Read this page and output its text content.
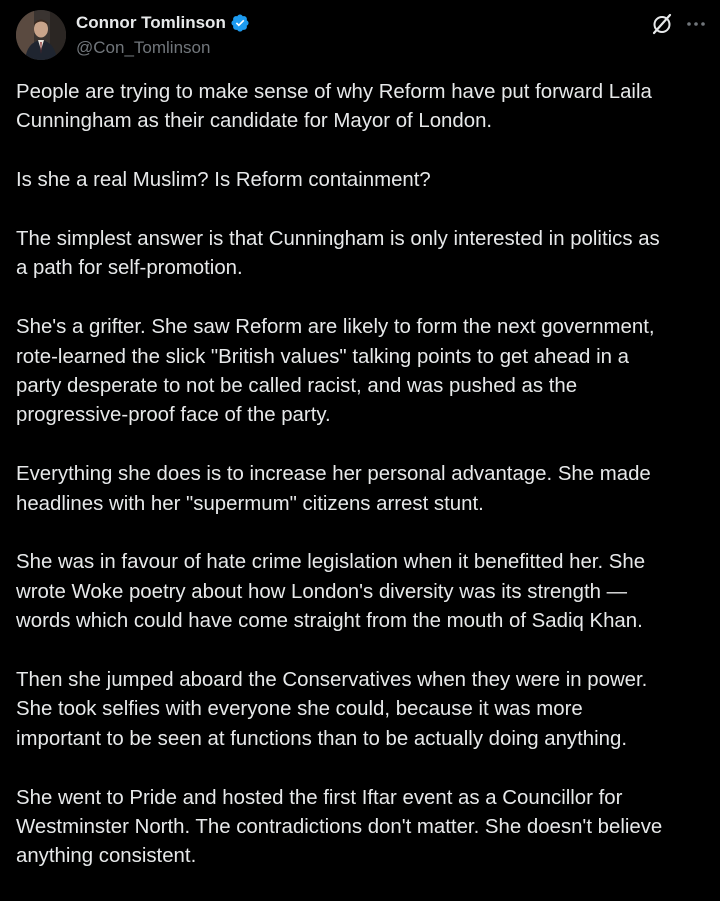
Connor Tomlinson
@Con_Tomlinson

People are trying to make sense of why Reform have put forward Laila
Cunningham as their candidate for Mayor of London.

Is she a real Muslim? Is Reform containment?

The simplest answer is that Cunningham is only interested in politics as
a path for self-promotion.

She's a grifter. She saw Reform are likely to form the next government,
rote-learned the slick "British values" talking points to get ahead in a
party desperate to not be called racist, and was pushed as the
progressive-proof face of the party.

Everything she does is to increase her personal advantage. She made
headlines with her "supermum" citizens arrest stunt.

She was in favour of hate crime legislation when it benefitted her. She
wrote Woke poetry about how London's diversity was its strength —
words which could have come straight from the mouth of Sadiq Khan.

Then she jumped aboard the Conservatives when they were in power.
She took selfies with everyone she could, because it was more
important to be seen at functions than to be actually doing anything.

She went to Pride and hosted the first Iftar event as a Councillor for
Westminster North. The contradictions don't matter. She doesn't believe
anything consistent.
